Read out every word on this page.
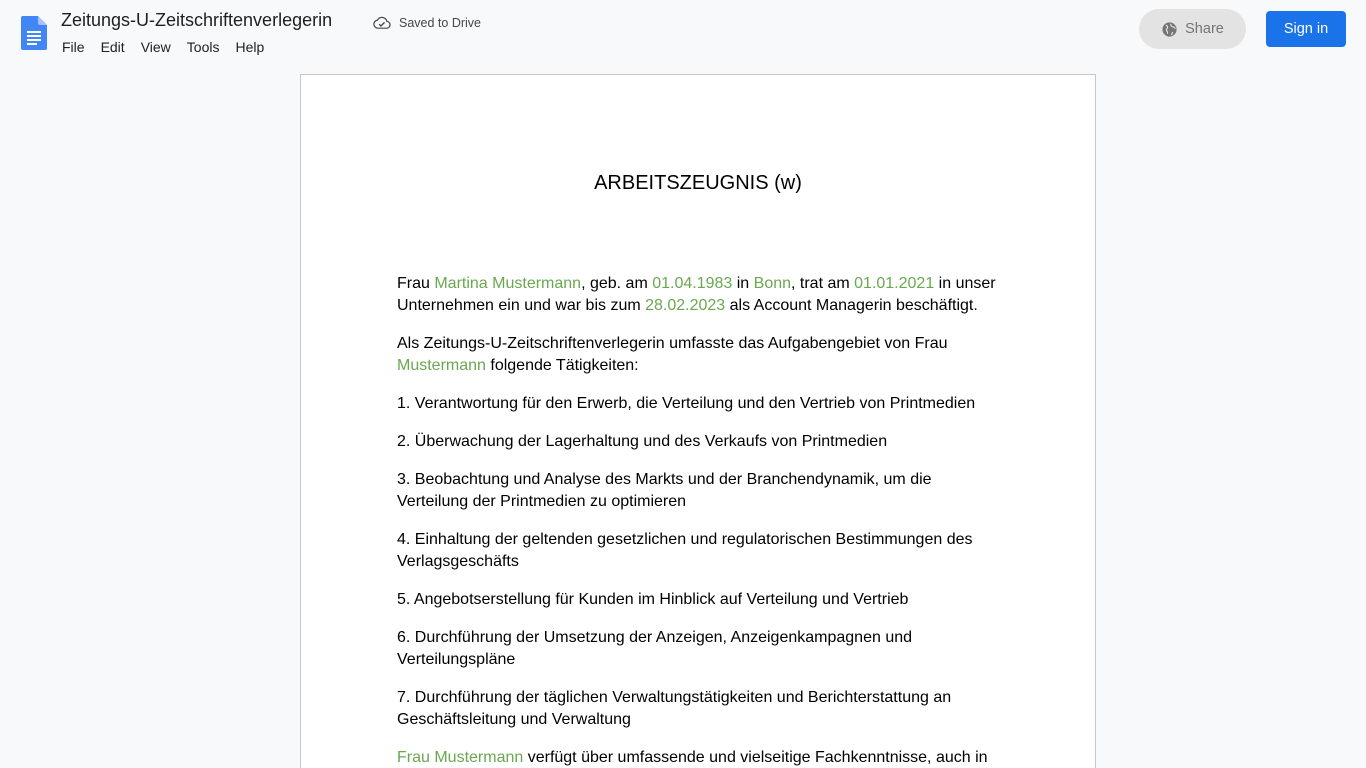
Zeitungs-U-Zeitschriftenverlegerin	Saved to Drive
File	Edit	View	Tools	Help
Share	Sign in
ARBEITSZEUGNIS (w)

Frau Martina Mustermann, geb. am 01.04.1983 in Bonn, trat am 01.01.2021 in unser Unternehmen ein und war bis zum 28.02.2023 als Account Managerin beschäftigt.

Als Zeitungs-U-Zeitschriftenverlegerin umfasste das Aufgabengebiet von Frau Mustermann folgende Tätigkeiten:

1. Verantwortung für den Erwerb, die Verteilung und den Vertrieb von Printmedien

2. Überwachung der Lagerhaltung und des Verkaufs von Printmedien

3. Beobachtung und Analyse des Markts und der Branchendynamik, um die Verteilung der Printmedien zu optimieren

4. Einhaltung der geltenden gesetzlichen und regulatorischen Bestimmungen des Verlagsgeschäfts

5. Angebotserstellung für Kunden im Hinblick auf Verteilung und Vertrieb

6. Durchführung der Umsetzung der Anzeigen, Anzeigenkampagnen und Verteilungspläne

7. Durchführung der täglichen Verwaltungstätigkeiten und Berichterstattung an Geschäftsleitung und Verwaltung

Frau Mustermann verfügt über umfassende und vielseitige Fachkenntnisse, auch in
